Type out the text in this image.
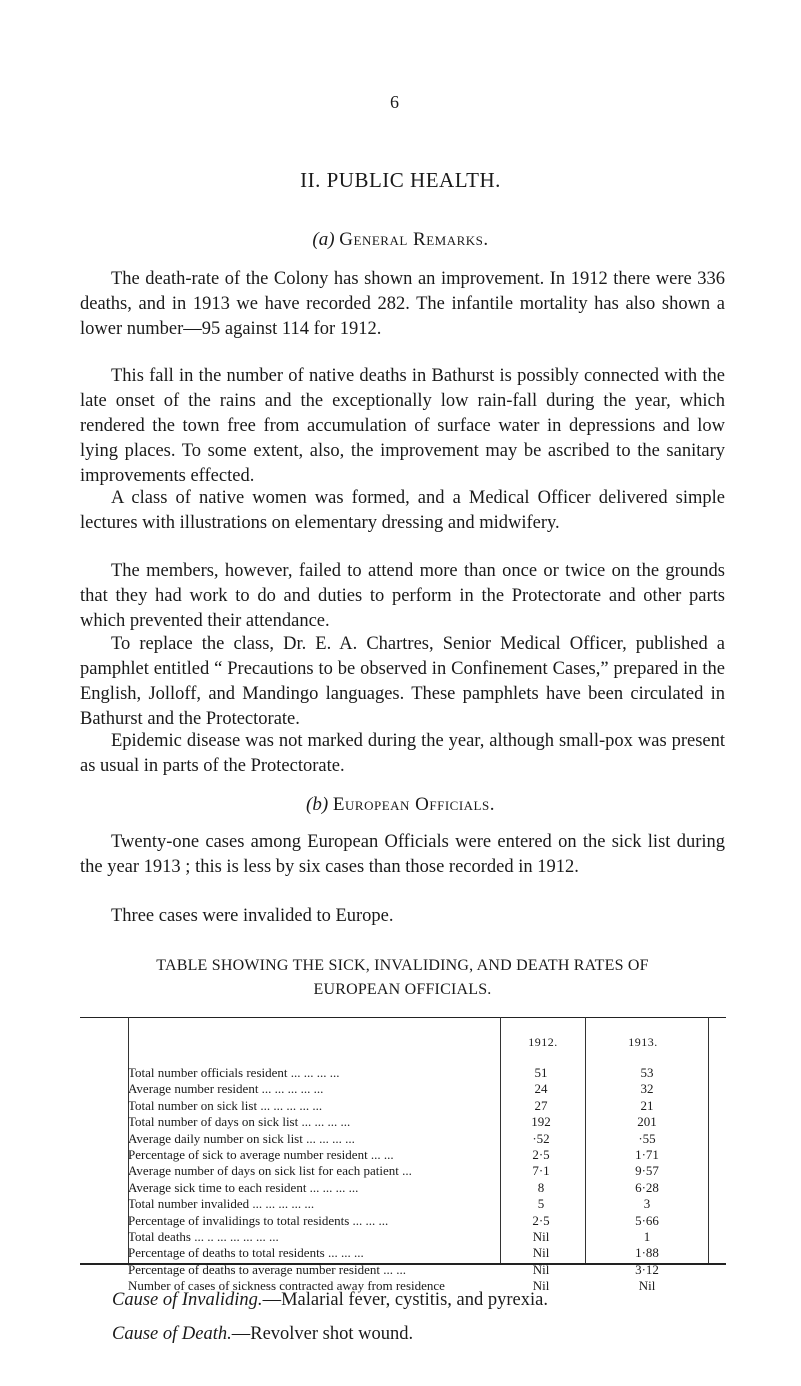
6
II. PUBLIC HEALTH.
(a) General Remarks.

The death-rate of the Colony has shown an improvement. In 1912 there were 336 deaths, and in 1913 we have recorded 282. The infantile mortality has also shown a lower number—95 against 114 for 1912.

This fall in the number of native deaths in Bathurst is possibly connected with the late onset of the rains and the exceptionally low rain-fall during the year, which rendered the town free from accumulation of surface water in depressions and low lying places. To some extent, also, the improvement may be ascribed to the sanitary improvements effected.

A class of native women was formed, and a Medical Officer delivered simple lectures with illustrations on elementary dressing and midwifery.

The members, however, failed to attend more than once or twice on the grounds that they had work to do and duties to perform in the Protectorate and other parts which prevented their attendance.

To replace the class, Dr. E. A. Chartres, Senior Medical Officer, published a pamphlet entitled “ Precautions to be observed in Confinement Cases,” prepared in the English, Jolloff, and Mandingo languages. These pamphlets have been circulated in Bathurst and the Protectorate.

Epidemic disease was not marked during the year, although small-pox was present as usual in parts of the Protectorate.

(b) European Officials.

Twenty-one cases among European Officials were entered on the sick list during the year 1913 ; this is less by six cases than those recorded in 1912.

Three cases were invalided to Europe.

TABLE SHOWING THE SICK, INVALIDING, AND DEATH RATES OF
EUROPEAN OFFICIALS.
1912.	1913.
Total number officials resident ... ... ... ...	51	53
Average number resident ... ... ... ... ...	24	32
Total number on sick list ... ... ... ... ...	27	21
Total number of days on sick list ... ... ... ...	192	201
Average daily number on sick list ... ... ... ...	·52	·55
Percentage of sick to average number resident ... ...	2·5	1·71
Average number of days on sick list for each patient ...	7·1	9·57
Average sick time to each resident ... ... ... ...	8	6·28
Total number invalided ... ... ... ... ...	5	3
Percentage of invalidings to total residents ... ... ...	2·5	5·66
Total deaths ... .. ... ... ... ... ...	Nil	1
Percentage of deaths to total residents ... ... ...	Nil	1·88
Percentage of deaths to average number resident ... ...	Nil	3·12
Number of cases of sickness contracted away from residence	Nil	Nil
Cause of Invaliding.—Malarial fever, cystitis, and pyrexia.
Cause of Death.—Revolver shot wound.
